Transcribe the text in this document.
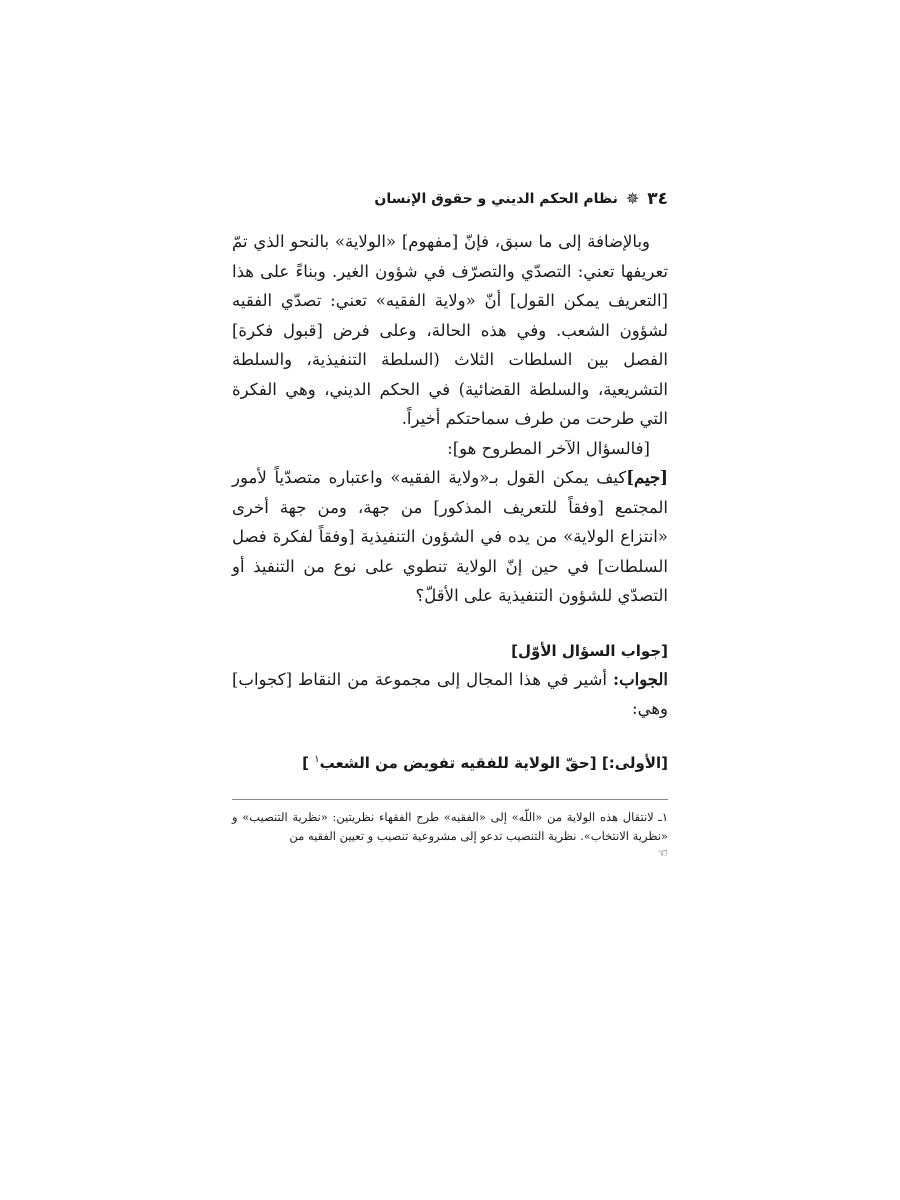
٣٤
✵
نظام الحكم الديني و حقوق الإنسان

وبالإضافة إلى ما سبق، فإنّ [مفهوم] «الولاية» بالنحو الذي تمّ تعريفها تعني: التصدّي والتصرّف في شؤون الغير. وبناءً على هذا [التعريف يمكن القول] أنّ «ولاية الفقيه» تعني: تصدّي الفقيه لشؤون الشعب. وفي هذه الحالة، وعلى فرض [قبول فكرة] الفصل بين السلطات الثلاث (السلطة التنفيذية، والسلطة التشريعية، والسلطة القضائية) في الحكم الديني، وهي الفكرة التي طرحت من طرف سماحتكم أخيراً.

[فالسؤال الآخر المطروح هو]:

[جيم]كيف يمكن القول بـ«ولاية الفقيه» واعتباره متصدّياً لأمور المجتمع [وفقاً للتعريف المذكور] من جهة، ومن جهة أخرى «انتزاع الولاية» من يده في الشؤون التنفيذية [وفقاً لفكرة فصل السلطات] في حين إنّ الولاية تنطوي على نوع من التنفيذ أو التصدّي للشؤون التنفيذية على الأقلّ؟

[جواب السؤال الأوّل]

الجواب: أشير في هذا المجال إلى مجموعة من النقاط [كجواب] وهي:

[الأولى:] [حقّ الولاية للفقيه تفويض من الشعب$^١$ ]

١ـ لانتقال هذه الولاية من «اللّه» إلى «الفقيه» طرح الفقهاء نظريتين: «نظرية التنصيب» و «نظرية الانتخاب». نظرية التنصيب تدعو إلى مشروعية تنصيب و تعيين الفقيه من

☜
